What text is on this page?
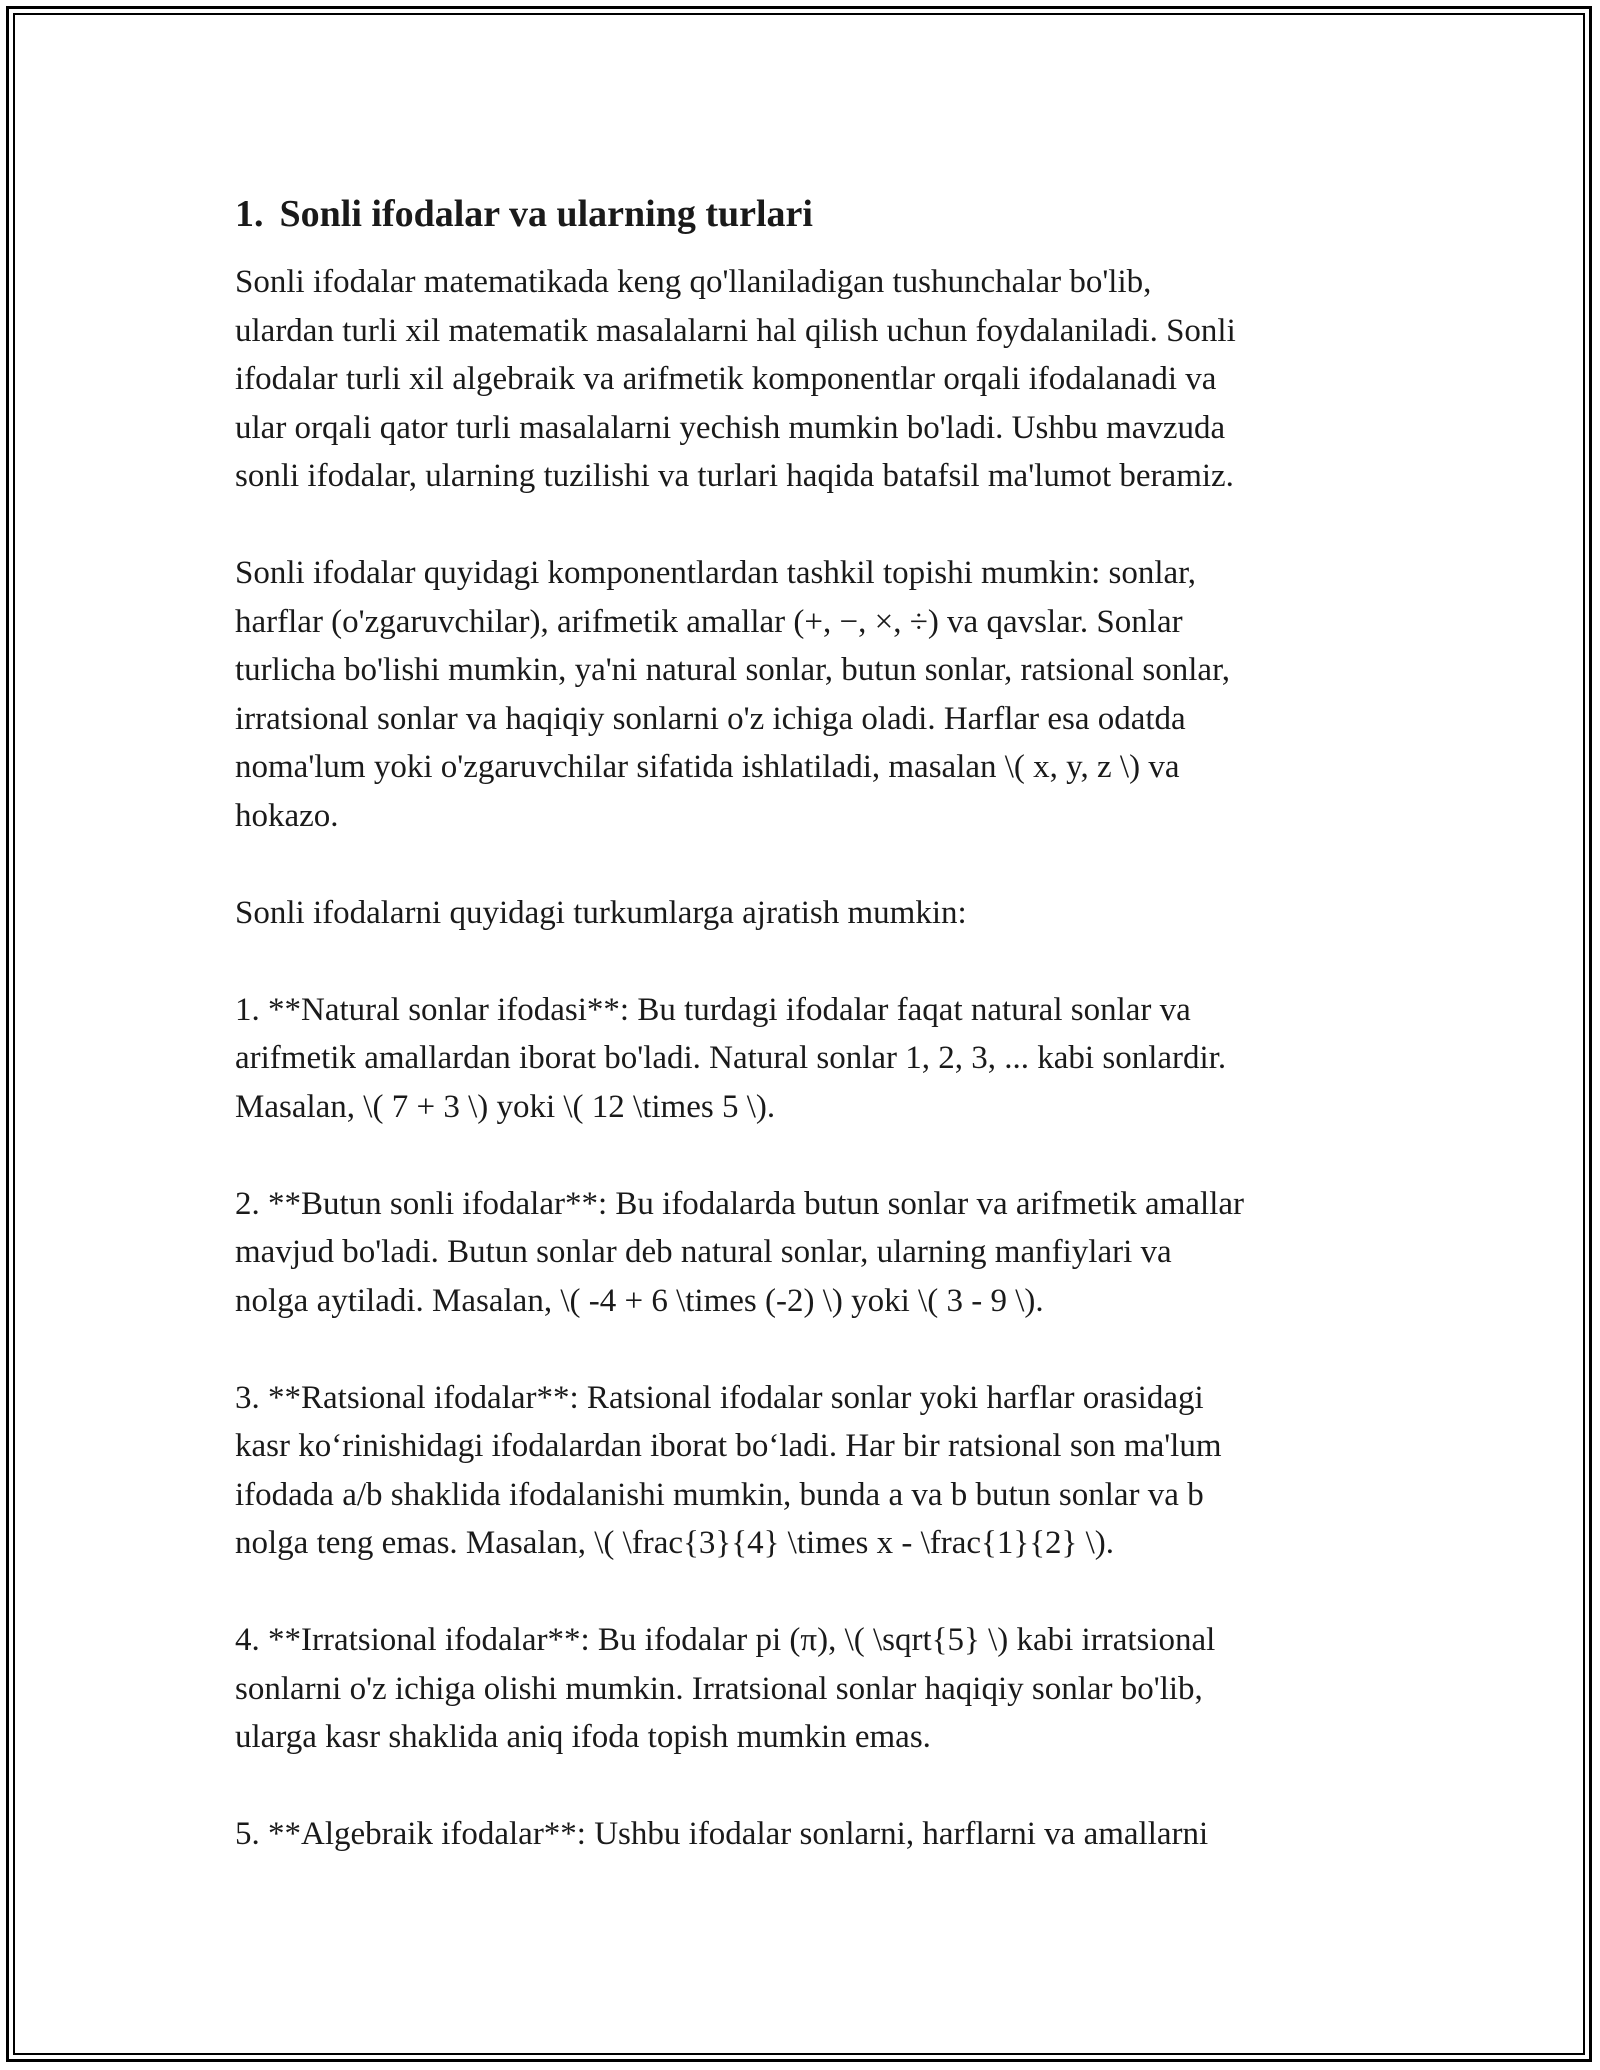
1. Sonli ifodalar va ularning turlari

Sonli ifodalar matematikada keng qo'llaniladigan tushunchalar bo'lib,
ulardan turli xil matematik masalalarni hal qilish uchun foydalaniladi. Sonli
ifodalar turli xil algebraik va arifmetik komponentlar orqali ifodalanadi va
ular orqali qator turli masalalarni yechish mumkin bo'ladi. Ushbu mavzuda
sonli ifodalar, ularning tuzilishi va turlari haqida batafsil ma'lumot beramiz.

Sonli ifodalar quyidagi komponentlardan tashkil topishi mumkin: sonlar,
harflar (o'zgaruvchilar), arifmetik amallar (+, −, ×, ÷) va qavslar. Sonlar
turlicha bo'lishi mumkin, ya'ni natural sonlar, butun sonlar, ratsional sonlar,
irratsional sonlar va haqiqiy sonlarni o'z ichiga oladi. Harflar esa odatda
noma'lum yoki o'zgaruvchilar sifatida ishlatiladi, masalan \( x, y, z \) va
hokazo.

Sonli ifodalarni quyidagi turkumlarga ajratish mumkin:

1. **Natural sonlar ifodasi**: Bu turdagi ifodalar faqat natural sonlar va
arifmetik amallardan iborat bo'ladi. Natural sonlar 1, 2, 3, ... kabi sonlardir.
Masalan, \( 7 + 3 \) yoki \( 12 \times 5 \).

2. **Butun sonli ifodalar**: Bu ifodalarda butun sonlar va arifmetik amallar
mavjud bo'ladi. Butun sonlar deb natural sonlar, ularning manfiylari va
nolga aytiladi. Masalan, \( -4 + 6 \times (-2) \) yoki \( 3 - 9 \).

3. **Ratsional ifodalar**: Ratsional ifodalar sonlar yoki harflar orasidagi
kasr ko‘rinishidagi ifodalardan iborat bo‘ladi. Har bir ratsional son ma'lum
ifodada a/b shaklida ifodalanishi mumkin, bunda a va b butun sonlar va b
nolga teng emas. Masalan, \( \frac{3}{4} \times x - \frac{1}{2} \).

4. **Irratsional ifodalar**: Bu ifodalar pi (π), \( \sqrt{5} \) kabi irratsional
sonlarni o'z ichiga olishi mumkin. Irratsional sonlar haqiqiy sonlar bo'lib,
ularga kasr shaklida aniq ifoda topish mumkin emas.

5. **Algebraik ifodalar**: Ushbu ifodalar sonlarni, harflarni va amallarni
